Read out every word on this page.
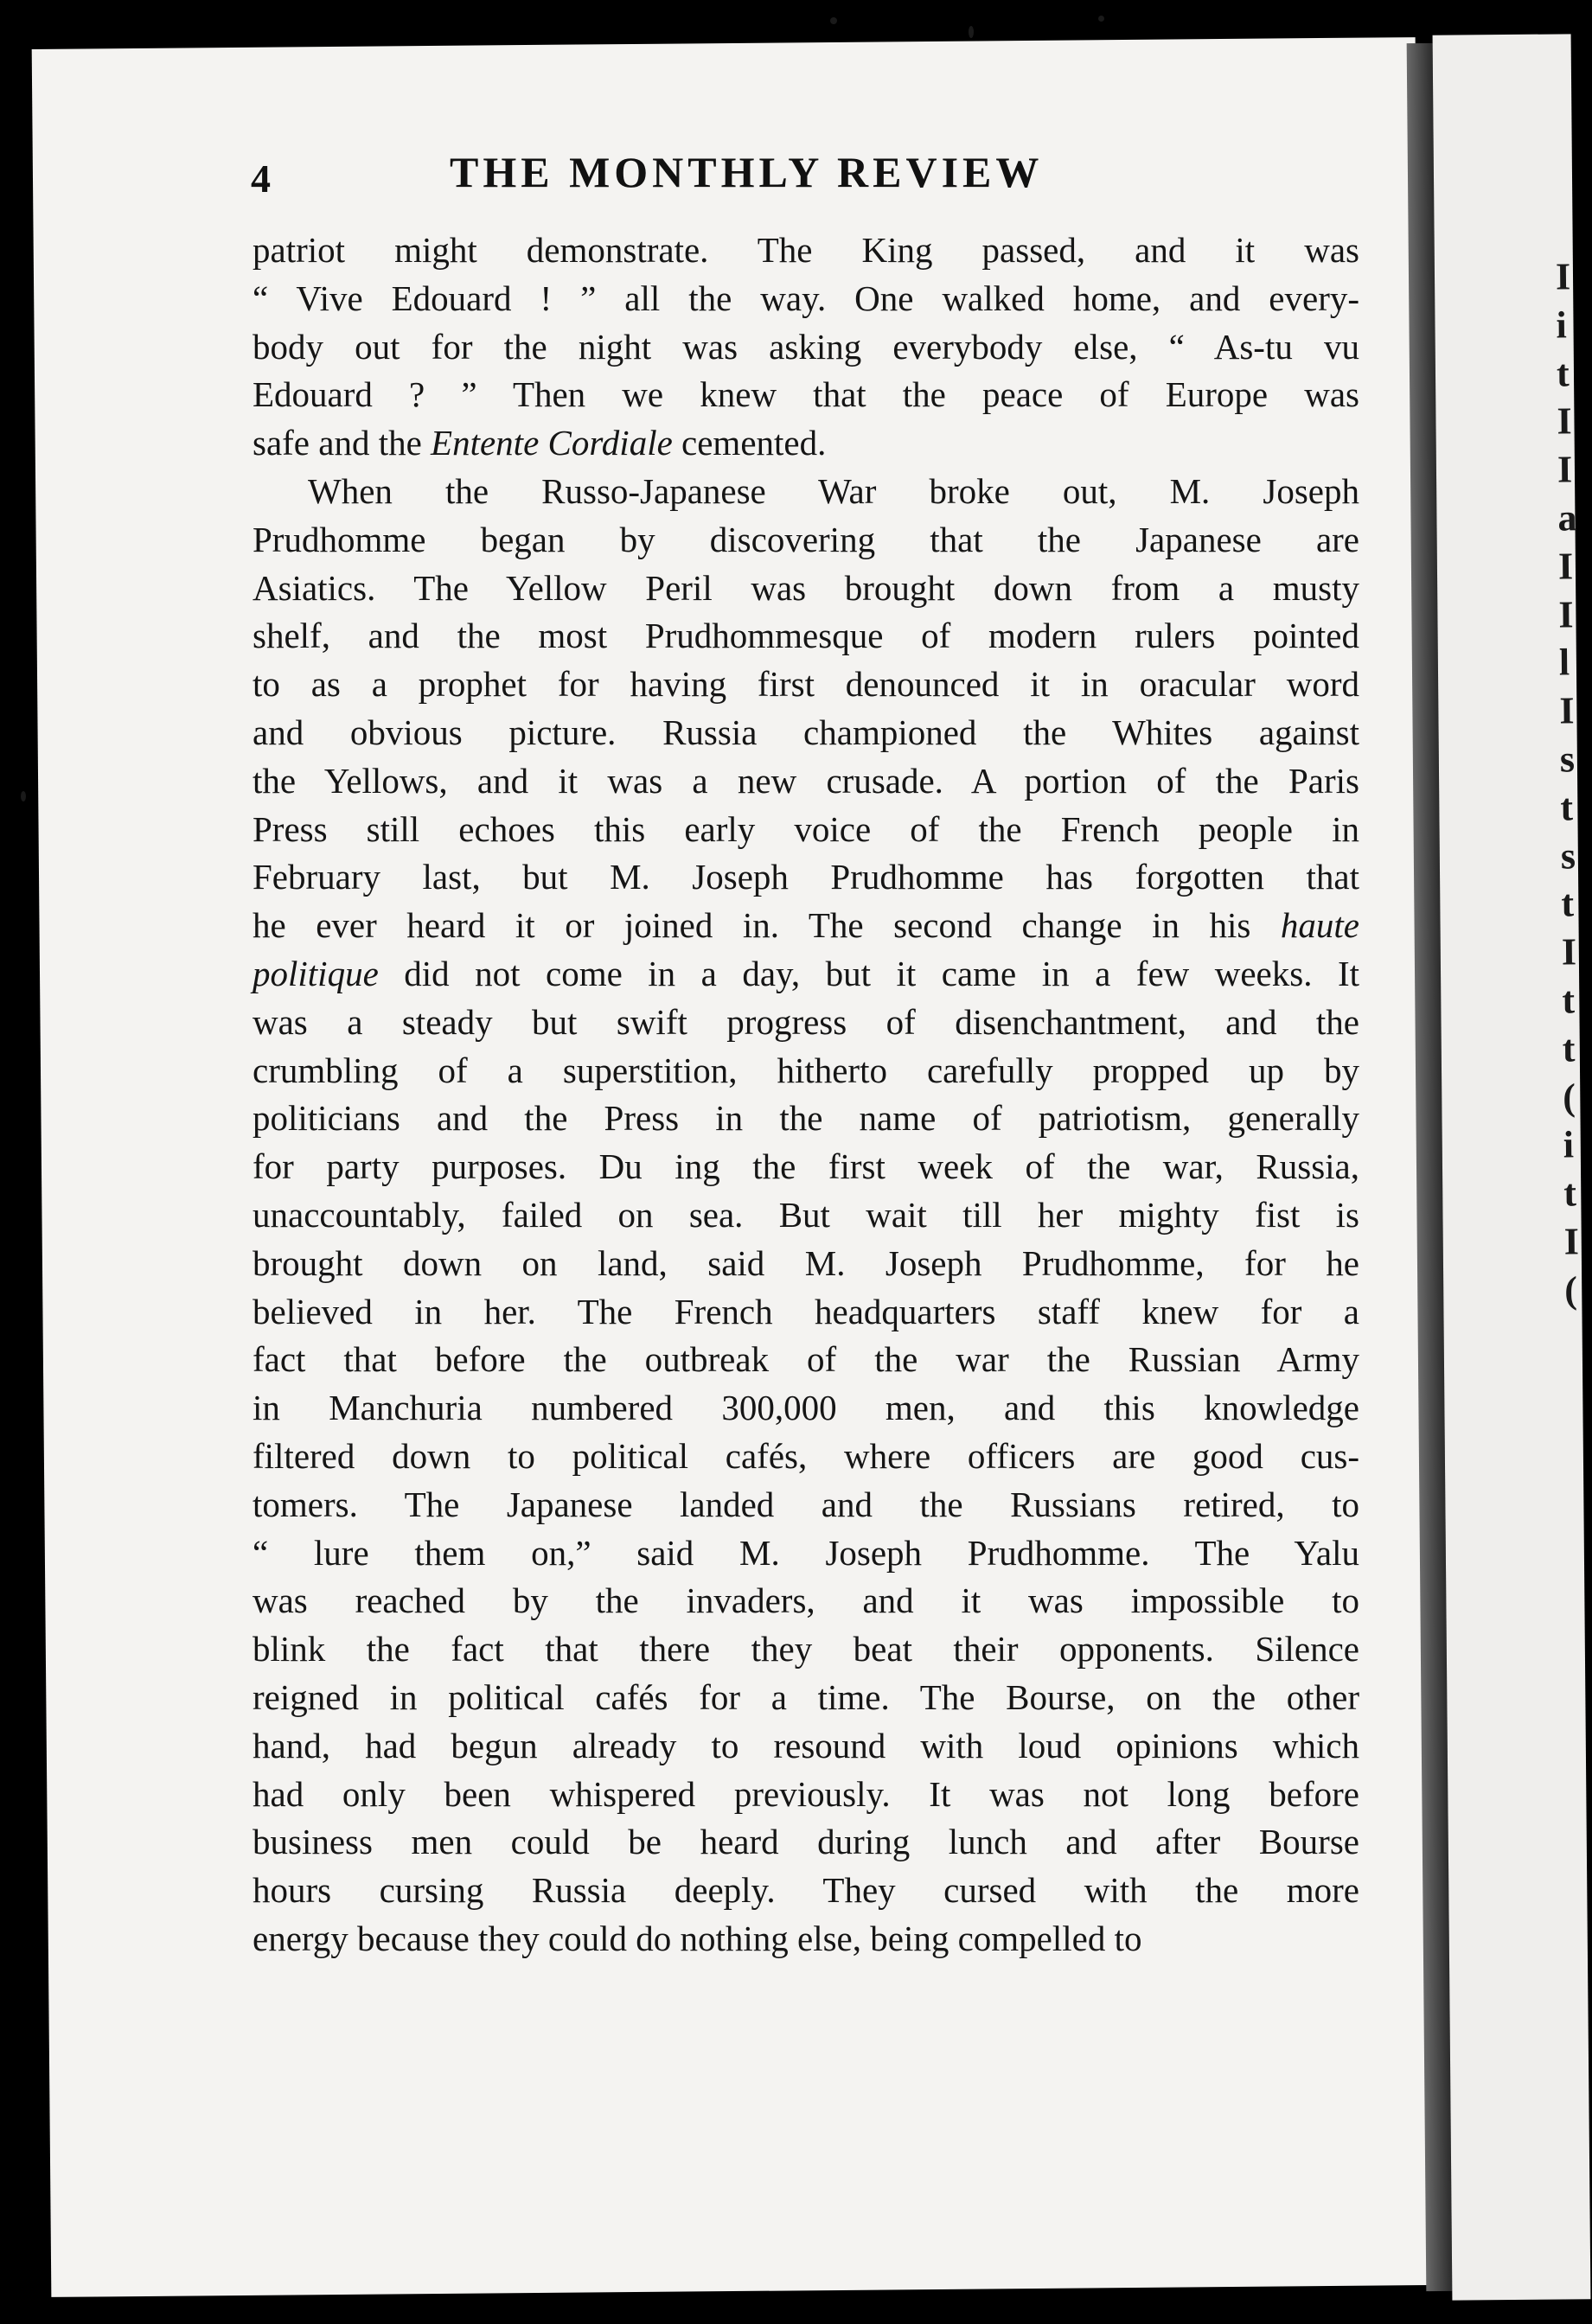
I
i
t
I
I
a
I
I
l
I
s
t
s
t
I
t
t
(
i
t
I
(
4	THE MONTHLY REVIEW
patriot might demonstrate. The King passed, and it was
“ Vive Edouard ! ” all the way. One walked home, and every-
body out for the night was asking everybody else, “ As-tu vu
Edouard ? ” Then we knew that the peace of Europe was
safe and the Entente Cordiale cemented.
When the Russo-Japanese War broke out, M. Joseph
Prudhomme began by discovering that the Japanese are
Asiatics. The Yellow Peril was brought down from a musty
shelf, and the most Prudhommesque of modern rulers pointed
to as a prophet for having first denounced it in oracular word
and obvious picture. Russia championed the Whites against
the Yellows, and it was a new crusade. A portion of the Paris
Press still echoes this early voice of the French people in
February last, but M. Joseph Prudhomme has forgotten that
he ever heard it or joined in. The second change in his haute
politique did not come in a day, but it came in a few weeks. It
was a steady but swift progress of disenchantment, and the
crumbling of a superstition, hitherto carefully propped up by
politicians and the Press in the name of patriotism, generally
for party purposes. Du ing the first week of the war, Russia,
unaccountably, failed on sea. But wait till her mighty fist is
brought down on land, said M. Joseph Prudhomme, for he
believed in her. The French headquarters staff knew for a
fact that before the outbreak of the war the Russian Army
in Manchuria numbered 300,000 men, and this knowledge
filtered down to political cafés, where officers are good cus-
tomers. The Japanese landed and the Russians retired, to
“ lure them on,” said M. Joseph Prudhomme. The Yalu
was reached by the invaders, and it was impossible to
blink the fact that there they beat their opponents. Silence
reigned in political cafés for a time. The Bourse, on the other
hand, had begun already to resound with loud opinions which
had only been whispered previously. It was not long before
business men could be heard during lunch and after Bourse
hours cursing Russia deeply. They cursed with the more
energy because they could do nothing else, being compelled to
